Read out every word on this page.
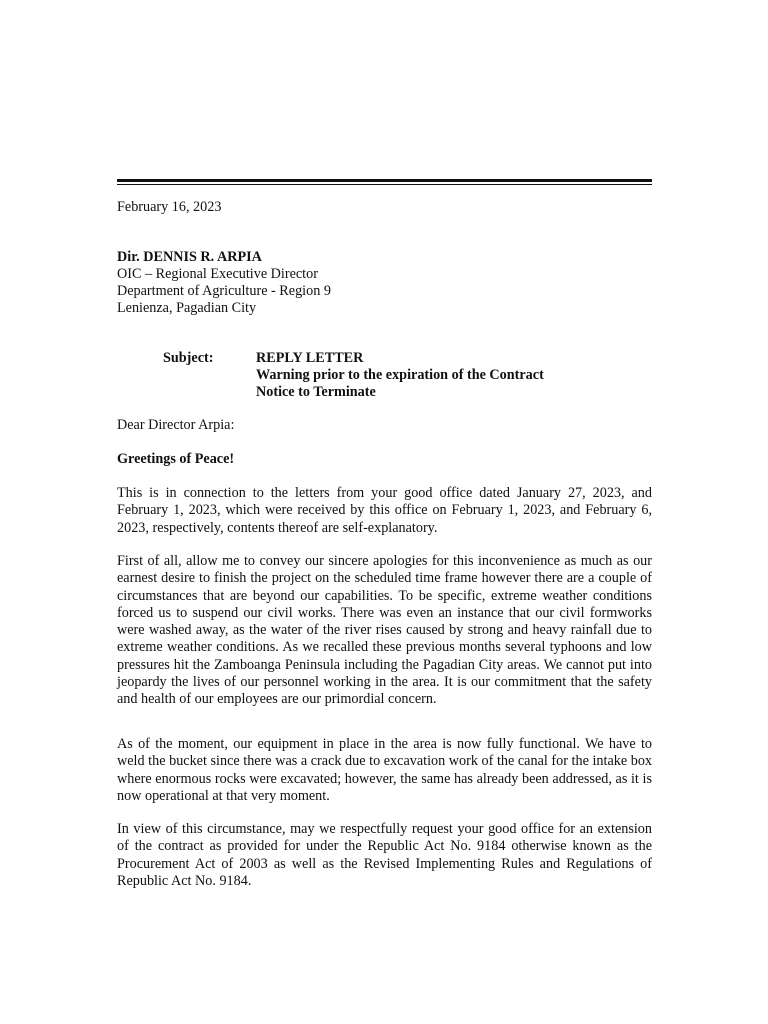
February 16, 2023
Dir. DENNIS R. ARPIA
OIC – Regional Executive Director
Department of Agriculture - Region 9
Lenienza, Pagadian City
Subject:	REPLY LETTER
Warning prior to the expiration of the Contract
Notice to Terminate
Dear Director Arpia:
Greetings of Peace!

This is in connection to the letters from your good office dated January 27, 2023, and February 1, 2023, which were received by this office on February 1, 2023, and February 6, 2023, respectively, contents thereof are self-explanatory.

First of all, allow me to convey our sincere apologies for this inconvenience as much as our earnest desire to finish the project on the scheduled time frame however there are a couple of circumstances that are beyond our capabilities. To be specific, extreme weather conditions forced us to suspend our civil works. There was even an instance that our civil formworks were washed away, as the water of the river rises caused by strong and heavy rainfall due to extreme weather conditions. As we recalled these previous months several typhoons and low pressures hit the Zamboanga Peninsula including the Pagadian City areas. We cannot put into jeopardy the lives of our personnel working in the area. It is our commitment that the safety and health of our employees are our primordial concern.

As of the moment, our equipment in place in the area is now fully functional. We have to weld the bucket since there was a crack due to excavation work of the canal for the intake box where enormous rocks were excavated; however, the same has already been addressed, as it is now operational at that very moment.

In view of this circumstance, may we respectfully request your good office for an extension of the contract as provided for under the Republic Act No. 9184 otherwise known as the Procurement Act of 2003 as well as the Revised Implementing Rules and Regulations of Republic Act No. 9184.
